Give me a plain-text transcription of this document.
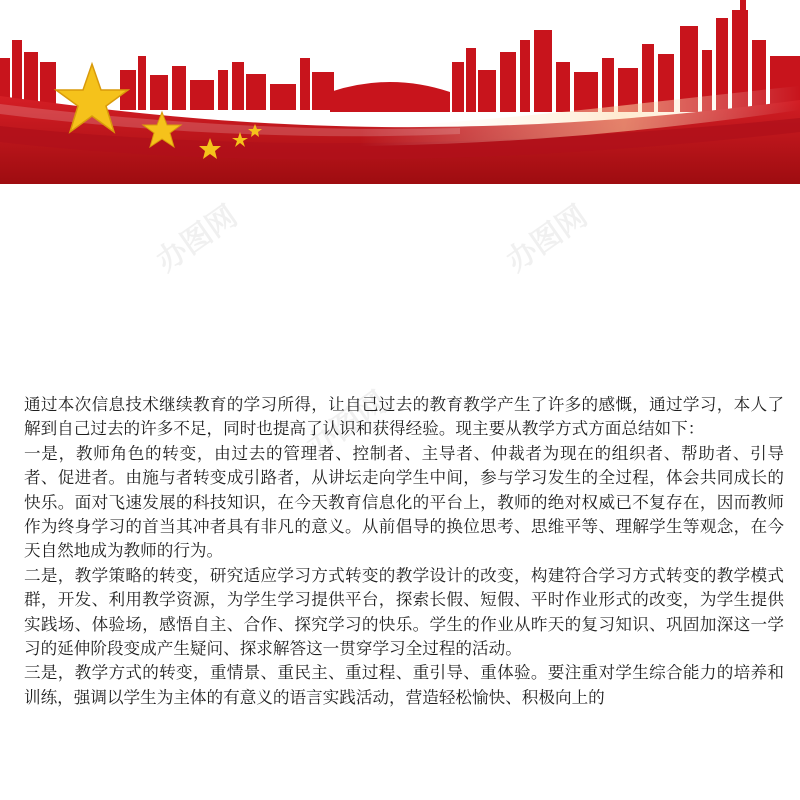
办图网	办图网
办图网

通过本次信息技术继续教育的学习所得，让自己过去的教育教学产生了许多的感慨，通过学习，本人了解到自己过去的许多不足，同时也提高了认识和获得经验。现主要从教学方式方面总结如下：

一是，教师角色的转变，由过去的管理者、控制者、主导者、仲裁者为现在的组织者、帮助者、引导者、促进者。由施与者转变成引路者，从讲坛走向学生中间，参与学习发生的全过程，体会共同成长的快乐。面对飞速发展的科技知识，在今天教育信息化的平台上，教师的绝对权威已不复存在，因而教师作为终身学习的首当其冲者具有非凡的意义。从前倡导的换位思考、思维平等、理解学生等观念，在今天自然地成为教师的行为。

二是，教学策略的转变，研究适应学习方式转变的教学设计的改变，构建符合学习方式转变的教学模式群，开发、利用教学资源，为学生学习提供平台，探索长假、短假、平时作业形式的改变，为学生提供实践场、体验场，感悟自主、合作、探究学习的快乐。学生的作业从昨天的复习知识、巩固加深这一学习的延伸阶段变成产生疑问、探求解答这一贯穿学习全过程的活动。

三是，教学方式的转变，重情景、重民主、重过程、重引导、重体验。要注重对学生综合能力的培养和训练，强调以学生为主体的有意义的语言实践活动，营造轻松愉快、积极向上的
